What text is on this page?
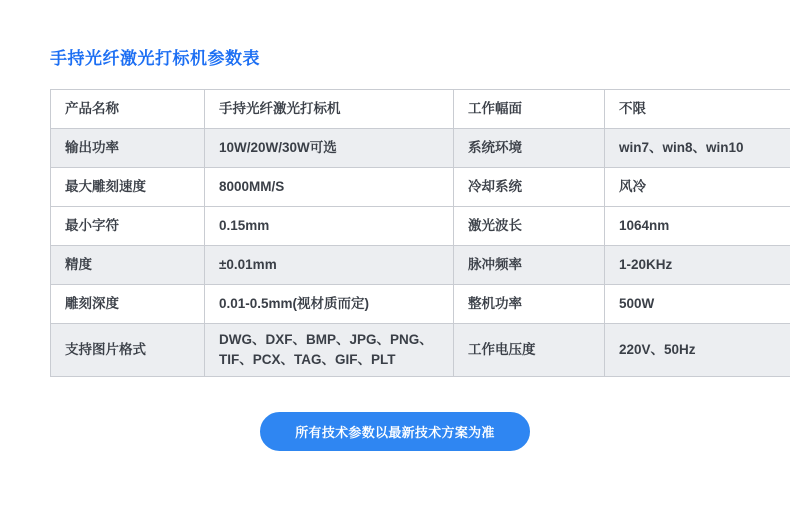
手持光纤激光打标机参数表
产品名称	手持光纤激光打标机	工作幅面	不限
输出功率	10W/20W/30W可选	系统环境	win7、win8、win10
最大雕刻速度	8000MM/S	冷却系统	风冷
最小字符	0.15mm	激光波长	1064nm
精度	±0.01mm	脉冲频率	1-20KHz
雕刻深度	0.01-0.5mm(视材质而定)	整机功率	500W
支持图片格式	DWG、DXF、BMP、JPG、PNG、TIF、PCX、TAG、GIF、PLT	工作电压度	220V、50Hz
所有技术参数以最新技术方案为准
